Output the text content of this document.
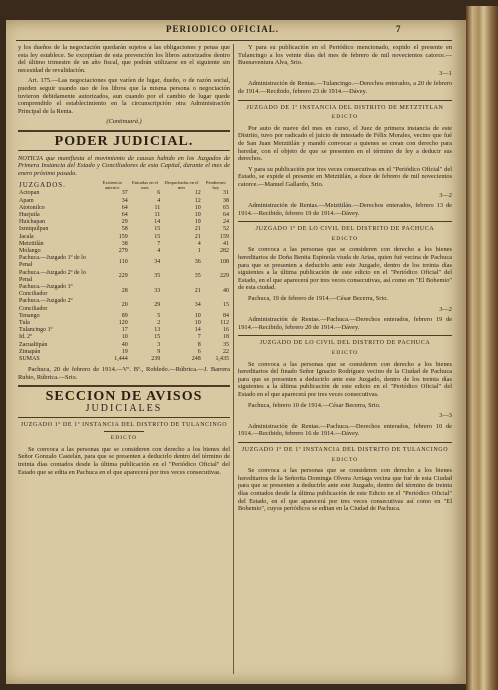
PERIODICO OFICIAL.	7

y los dueños de la negociación quedarán sujetos a las obligaciones y penas que esta ley establece. Se exceptúan de esta prevención los libros autorizados dentro del último trimestre de un año fiscal, que podrán utilizarse en el siguiente sin necesidad de revalidación.

Art. 175.—Las negociaciones que varíen de lugar, dueño, o de razón social, pueden seguir usando uso de los libros que la misma persona o negociación tuvieron debidamente autorizados, aun cuando por el cambio de lugar quede comprendido el establecimiento en la circunscripción otra Administración Principal de la Renta.

(Continuará.)

PODER JUDICIAL.

NOTICIA que manifiesta el movimiento de causas habido en los Juzgados de Primera Instancia del Estado y Conciliadores de esta Capital, durante el mes de enero próximo pasado.

JUZGADOS.	Existencia anterior	Entradas en el mes	Despachadas en el mes	Pendientes hoy
Actopan	37	6	12	31
Apam	34	4	12	38
Atotonilco	64	11	10	65
Huejutla	64	11	10	64
Huichapan	29	14	19	24
Ixmiquilpan	58	15	21	52
Jacala	159	15	21	159
Metztitlán	38	7	4	41
Molango	279	4	1	282
Pachuca.—Juzgado 1º de lo Penal	110	34	36	108
Pachuca.—Juzgado 2º de lo Penal	229	35	35	229
Pachuca.—Juzgado 1º Conciliador	28	33	21	40
Pachuca.—Juzgado 2º Conciliador	20	29	34	15
Tenango	89	5	10	84
Tula	120	2	10	112
Tulancingo 1º	17	13	14	16
Id. 2º	10	15	7	18
Zacualtipán	40	3	8	35
Zimapán	19	9	6	22
SUMAS	1,444	239	248	1,435

Pachuca, 20 de febrero de 1914.—Vº. Bº., Robledo.—Rúbrica.—J. Barrera Rubio, Rúbrica.—Srio.

SECCION DE AVISOS
JUDICIALES
JUZGADO 1º DE 1ª INSTANCIA DEL DISTRITO DE TULANCINGO
EDICTO

Se convoca a las personas que se consideren con derecho a los bienes del Señor Gonzalo Castelán, para que se presenten a deducirlo dentro del término de treinta días contados desde la última publicación en el "Periódico Oficial" del Estado que se edita en Pachuca en el que aparecerá por tres veces consecutivas.

Y para su publicación en el Periódico mencionado, expido el presente en Tulancingo a los veinte días del mes de febrero de mil novecientos catorce.—Buenaventura Alva, Srio.

3—1

Administración de Rentas.—Tulancingo.—Derechos enterados, a 20 de febrero de 1914.—Recibido, febrero 23 de 1914.—Dávey.

JUZGADO DE 1ª INSTANCIA DEL DISTRITO DE METZTITLAN
EDICTO

Por auto de nueve del mes en curso, el Juez de primera instancia de este Distrito, tuvo por radicado el juicio de intestado de Félix Morales, vecino que fué de San Juan Metztitlán y mandó convocar a quienes se crean con derecho para heredar, con el objeto de que se presenten en el término de ley a deducir sus derechos.

Y para su publicación por tres veces consecutivas en el "Periódico Oficial" del Estado, se expide el presente en Metztitlán, a doce de febrero de mil novecientos catorce.—Manuel Gallardo, Srio.

3—2

Administración de Rentas.—Metztitlán.—Derechos enterados, febrero 13 de 1914.—Recibido, febrero 19 de 1914.—Dávey.

JUZGADO 1º DE LO CIVIL DEL DISTRITO DE PACHUCA
EDICTO

Se convoca a las personas que se consideren con derecho a los bienes hereditarios de Doña Benita Espinola viuda de Arias, quien fué vecina de Pachuca para que se presenten a deducirlo ante este Juzgado, dentro de los treinta días siguientes a la última publicación de este edicto en el "Periódico Oficial" del Estado, en el que aparecerá por tres veces consecutivas, así como en "El Bohemio" de esta ciudad.

Pachuca, 19 de febrero de 1914.—César Becerra, Srio.

3—2

Administración de Rentas.—Pachuca.—Derechos enterados, febrero 19 de 1914.—Recibido, febrero 20 de 1914.—Dávey.

JUZGADO DE LO CIVIL DEL DISTRITO DE PACHUCA
EDICTO

Se convoca a las personas que se consideren con derecho a los bienes hereditarios del finado Señor Ignacio Rodríguez vecino de la Ciudad de Pachuca para que se presenten a deducirlo ante este Juzgado, dentro de los treinta días siguientes a la última publicación de este edicto en el "Periódico Oficial" del Estado en el que aparecerá por tres veces consecutivas.

Pachuca, febrero 10 de 1914.—César Becerra, Srio.

3—3

Administración de Rentas.—Pachuca.—Derechos enterados, febrero 10 de 1914.—Recibido, febrero 16 de 1914.—Dávey.

JUZGADO 1º DE 1ª INSTANCIA DEL DISTRITO DE TULANCINGO
EDICTO

Se convoca a las personas que se consideren con derecho a los bienes hereditarios de la Señorita Dominga Olvera Arriaga vecina que fué de esta Ciudad para que se presenten a deducirlo ante este Juzgado, dentro del término de treinta días contados desde la última publicación de este Edicto en el "Periódico Oficial" del Estado, en el que aparecerá por tres veces consecutivas así como en "El Bohemio", cuyos periódicos se editan en la Ciudad de Pachuca.
